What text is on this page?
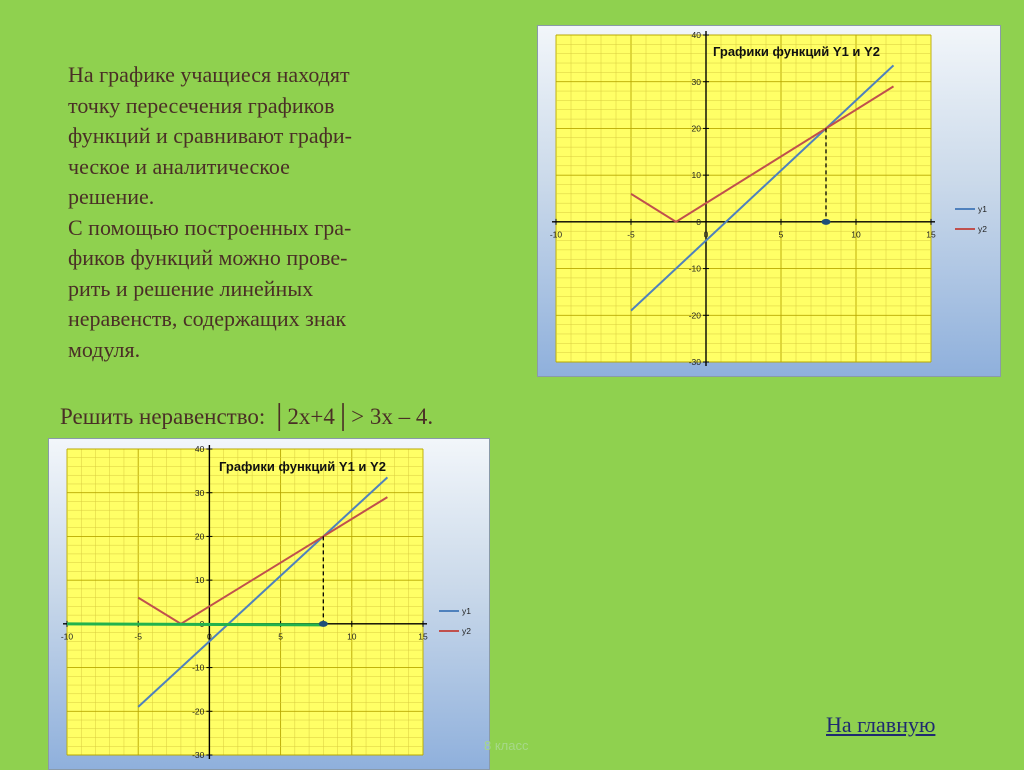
На графике учащиеся находят
точку пересечения графиков
функций и сравнивают графи-
ческое и аналитическое
решение.

С помощью построенных гра-
фиков функций можно прове-
рить и решение линейных
неравенств, содержащих знак
модуля.

Решить неравенство: │2x+4│> 3x – 4.
-10	-5	0	5	10	15
-30
-20
-10
0
10
20
30
40
Графики функций Y1 и Y2
y1
y2
-10	-5	0	5	10	15
-30
-20
-10
10
20
30
40
Графики функций Y1 и Y2
y1
y2
8 класс
На главную
